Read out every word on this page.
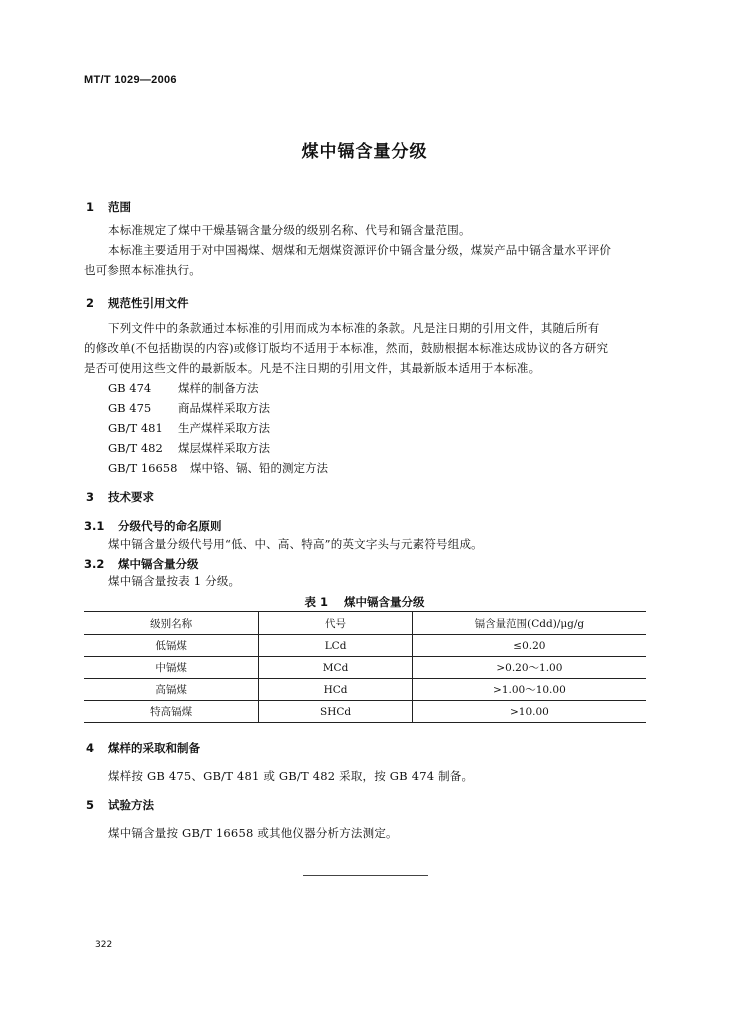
MT/T 1029—2006
煤中镉含量分级
1 范围
本标准规定了煤中干燥基镉含量分级的级别名称、代号和镉含量范围。
本标准主要适用于对中国褐煤、烟煤和无烟煤资源评价中镉含量分级，煤炭产品中镉含量水平评价
也可参照本标准执行。
2 规范性引用文件
下列文件中的条款通过本标准的引用而成为本标准的条款。凡是注日期的引用文件，其随后所有
的修改单(不包括勘误的内容)或修订版均不适用于本标准，然而，鼓励根据本标准达成协议的各方研究
是否可使用这些文件的最新版本。凡是不注日期的引用文件，其最新版本适用于本标准。
GB 474 煤样的制备方法
GB 475 商品煤样采取方法
GB/T 481 生产煤样采取方法
GB/T 482 煤层煤样采取方法
GB/T 16658 煤中铬、镉、铅的测定方法
3 技术要求
3.1 分级代号的命名原则
煤中镉含量分级代号用“低、中、高、特高”的英文字头与元素符号组成。
3.2 煤中镉含量分级
煤中镉含量按表 1 分级。
表 1 煤中镉含量分级
级别名称	代号	镉含量范围(Cdd)/μg/g
低镉煤	LCd	≤0.20
中镉煤	MCd	>0.20～1.00
高镉煤	HCd	>1.00～10.00
特高镉煤	SHCd	>10.00
4 煤样的采取和制备
煤样按 GB 475、GB/T 481 或 GB/T 482 采取，按 GB 474 制备。
5 试验方法
煤中镉含量按 GB/T 16658 或其他仪器分析方法测定。
322
